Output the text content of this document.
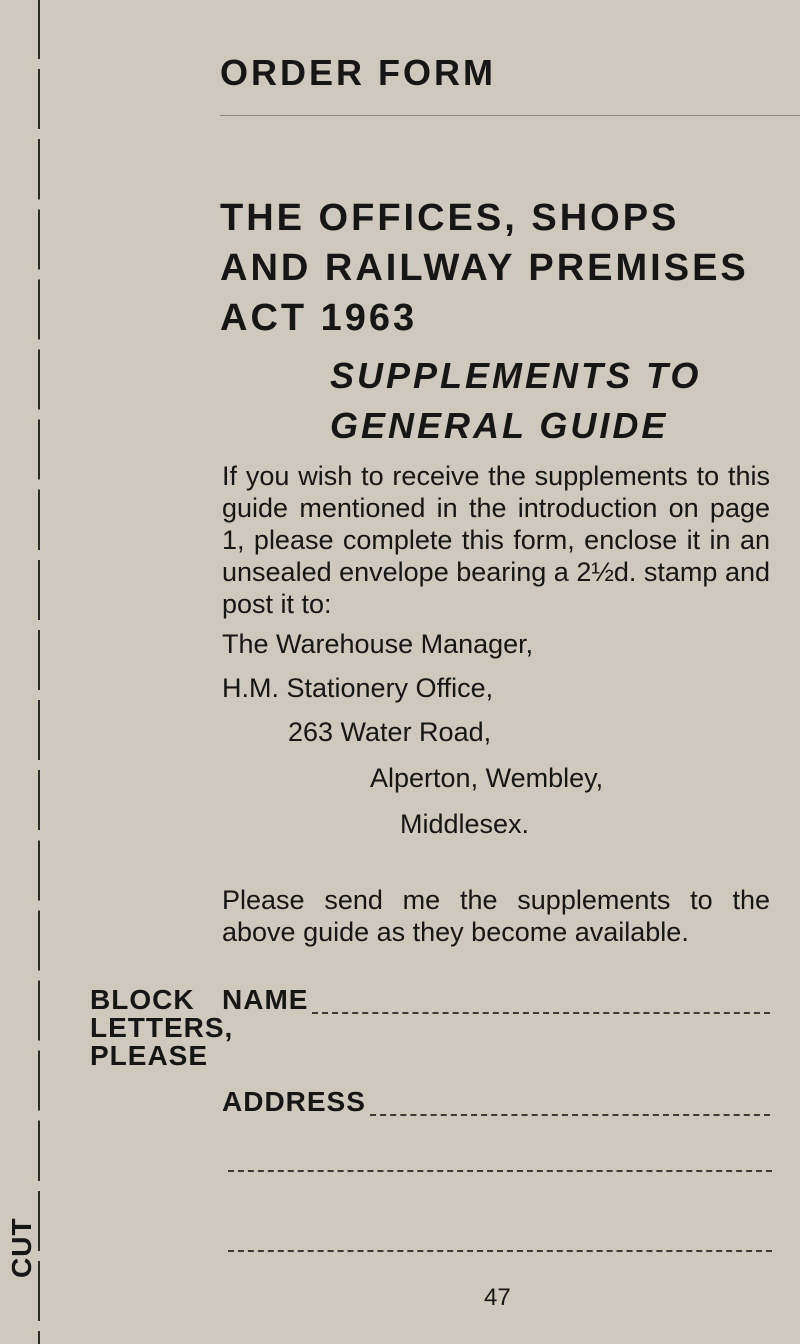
CUT
ORDER FORM
THE OFFICES, SHOPS
AND RAILWAY PREMISES
ACT 1963
SUPPLEMENTS TO
GENERAL GUIDE
If you wish to receive the supplements to this guide mentioned in the introduction on page 1, please complete this form, enclose it in an unsealed envelope bearing a 2½d. stamp and post it to:
The Warehouse Manager,
H.M. Stationery Office,
263 Water Road,
Alperton, Wembley,
Middlesex.
Please send me the supplements to the above guide as they become available.
BLOCK
LETTERS,
PLEASE
NAME
ADDRESS
47
